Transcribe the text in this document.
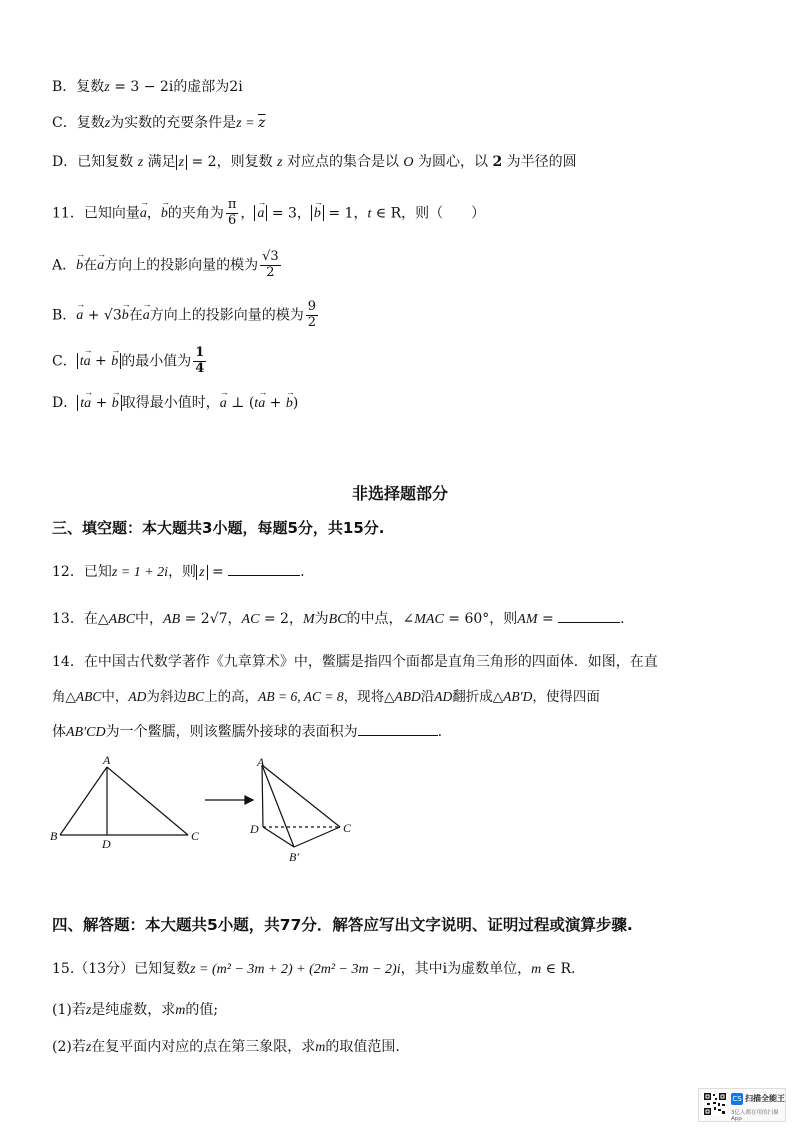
B．复数z = 3 − 2i的虚部为2i
C．复数z为实数的充要条件是$z = \overline{z}$
D．已知复数 z 满足 z = 2，则复数 z 对应点的集合是以 O 为圆心，以 2 为半径的圆
11．已知向量→ a，→ b的夹角为 $\frac{\pi}{6}$ ， → a = 3， → b = 1，t ∈ R，则（　　）
A．→ b在→ a方向上的投影向量的模为 $\frac{√3}{2}$
B．→ a + √3→ b在→ a方向上的投影向量的模为 $\frac{9}{2}$
C． t→ a + → b 的最小值为 $\frac{1}{4}$
D． t→ a + → b 取得最小值时，→ a ⊥ (t→ a + → b)
非选择题部分
三、填空题：本大题共3小题，每题5分，共15分.
12．已知z = 1 + 2i，则 z =	.
13．在△ABC中，AB = 2√7，AC = 2，M为BC的中点，∠MAC = 60°，则AM =	.
14．在中国古代数学著作《九章算术》中，鳖臑是指四个面都是直角三角形的四面体．如图，在直
角△ABC中，AD为斜边BC上的高，AB = 6, AC = 8，现将△ABD沿AD翻折成△AB′D，使得四面
体AB′CD为一个鳖臑，则该鳖臑外接球的表面积为	.
A
B	C
D
A
D	C
B′
四、解答题：本大题共5小题，共77分．解答应写出文字说明、证明过程或演算步骤.
15.（13分）已知复数z = (m² − 3m + 2) + (2m² − 3m − 2)i，其中i为虚数单位，m ∈ R.
(1)若z是纯虚数，求m的值;
(2)若z在复平面内对应的点在第三象限，求m的取值范围.
CS 扫描全能王
3亿人都在用的扫描App
